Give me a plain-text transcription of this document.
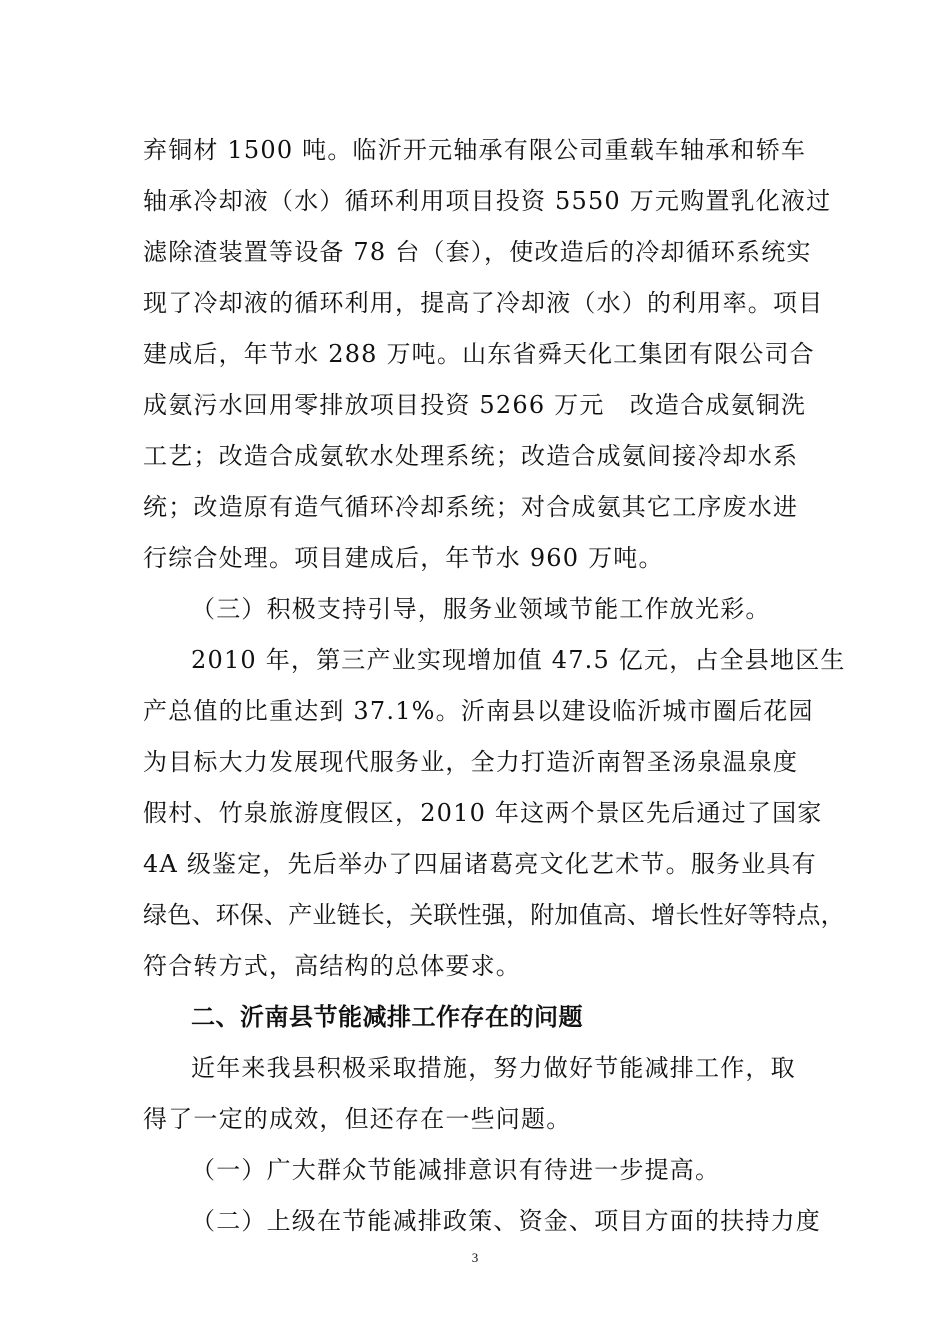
弃铜材 1500 吨。临沂开元轴承有限公司重载车轴承和轿车
轴承冷却液（水）循环利用项目投资 5550 万元购置乳化液过
滤除渣装置等设备 78 台（套），使改造后的冷却循环系统实
现了冷却液的循环利用，提高了冷却液（水）的利用率。项目
建成后，年节水 288 万吨。山东省舜天化工集团有限公司合
成氨污水回用零排放项目投资 5266 万元　改造合成氨铜洗
工艺；改造合成氨软水处理系统；改造合成氨间接冷却水系
统；改造原有造气循环冷却系统；对合成氨其它工序废水进
行综合处理。项目建成后，年节水 960 万吨。
（三）积极支持引导，服务业领域节能工作放光彩。
2010 年，第三产业实现增加值 47.5 亿元，占全县地区生
产总值的比重达到 37.1%。沂南县以建设临沂城市圈后花园
为目标大力发展现代服务业，全力打造沂南智圣汤泉温泉度
假村、竹泉旅游度假区，2010 年这两个景区先后通过了国家
4A 级鉴定，先后举办了四届诸葛亮文化艺术节。服务业具有
绿色、环保、产业链长，关联性强，附加值高、增长性好等特点，
符合转方式，高结构的总体要求。
二、沂南县节能减排工作存在的问题
近年来我县积极采取措施，努力做好节能减排工作，取
得了一定的成效，但还存在一些问题。
（一）广大群众节能减排意识有待进一步提高。
（二）上级在节能减排政策、资金、项目方面的扶持力度
3
